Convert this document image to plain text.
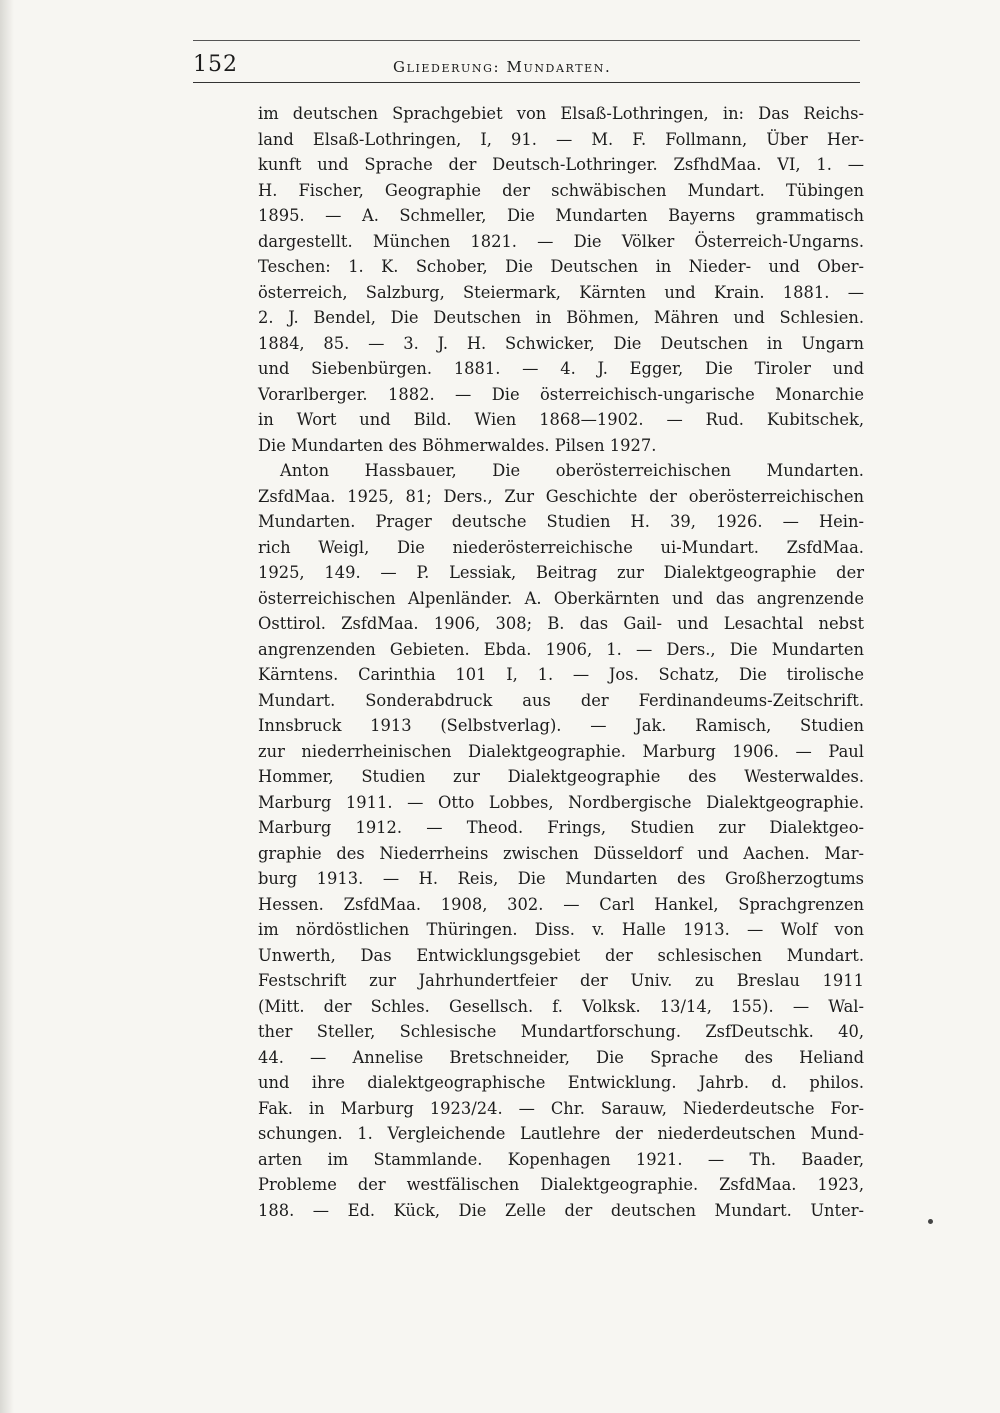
152	Gliederung: Mundarten.
im deutschen Sprachgebiet von Elsaß-Lothringen, in: Das Reichs-
land Elsaß-Lothringen, I, 91. — M. F. Follmann, Über Her-
kunft und Sprache der Deutsch-Lothringer. ZsfhdMaa. VI, 1. —
H. Fischer, Geographie der schwäbischen Mundart. Tübingen
1895. — A. Schmeller, Die Mundarten Bayerns grammatisch
dargestellt. München 1821. — Die Völker Österreich-Ungarns.
Teschen: 1. K. Schober, Die Deutschen in Nieder- und Ober-
österreich, Salzburg, Steiermark, Kärnten und Krain. 1881. —
2. J. Bendel, Die Deutschen in Böhmen, Mähren und Schlesien.
1884, 85. — 3. J. H. Schwicker, Die Deutschen in Ungarn
und Siebenbürgen. 1881. — 4. J. Egger, Die Tiroler und
Vorarlberger. 1882. — Die österreichisch-ungarische Monarchie
in Wort und Bild. Wien 1868—1902. — Rud. Kubitschek,
Die Mundarten des Böhmerwaldes. Pilsen 1927.
Anton Hassbauer, Die oberösterreichischen Mundarten.
ZsfdMaa. 1925, 81; Ders., Zur Geschichte der oberösterreichischen
Mundarten. Prager deutsche Studien H. 39, 1926. — Hein-
rich Weigl, Die niederösterreichische ui-Mundart. ZsfdMaa.
1925, 149. — P. Lessiak, Beitrag zur Dialektgeographie der
österreichischen Alpenländer. A. Oberkärnten und das angrenzende
Osttirol. ZsfdMaa. 1906, 308; B. das Gail- und Lesachtal nebst
angrenzenden Gebieten. Ebda. 1906, 1. — Ders., Die Mundarten
Kärntens. Carinthia 101 I, 1. — Jos. Schatz, Die tirolische
Mundart. Sonderabdruck aus der Ferdinandeums-Zeitschrift.
Innsbruck 1913 (Selbstverlag). — Jak. Ramisch, Studien
zur niederrheinischen Dialektgeographie. Marburg 1906. — Paul
Hommer, Studien zur Dialektgeographie des Westerwaldes.
Marburg 1911. — Otto Lobbes, Nordbergische Dialektgeographie.
Marburg 1912. — Theod. Frings, Studien zur Dialektgeo-
graphie des Niederrheins zwischen Düsseldorf und Aachen. Mar-
burg 1913. — H. Reis, Die Mundarten des Großherzogtums
Hessen. ZsfdMaa. 1908, 302. — Carl Hankel, Sprachgrenzen
im nördöstlichen Thüringen. Diss. v. Halle 1913. — Wolf von
Unwerth, Das Entwicklungsgebiet der schlesischen Mundart.
Festschrift zur Jahrhundertfeier der Univ. zu Breslau 1911
(Mitt. der Schles. Gesellsch. f. Volksk. 13/14, 155). — Wal-
ther Steller, Schlesische Mundartforschung. ZsfDeutschk. 40,
44. — Annelise Bretschneider, Die Sprache des Heliand
und ihre dialektgeographische Entwicklung. Jahrb. d. philos.
Fak. in Marburg 1923/24. — Chr. Sarauw, Niederdeutsche For-
schungen. 1. Vergleichende Lautlehre der niederdeutschen Mund-
arten im Stammlande. Kopenhagen 1921. — Th. Baader,
Probleme der westfälischen Dialektgeographie. ZsfdMaa. 1923,
188. — Ed. Kück, Die Zelle der deutschen Mundart. Unter-
